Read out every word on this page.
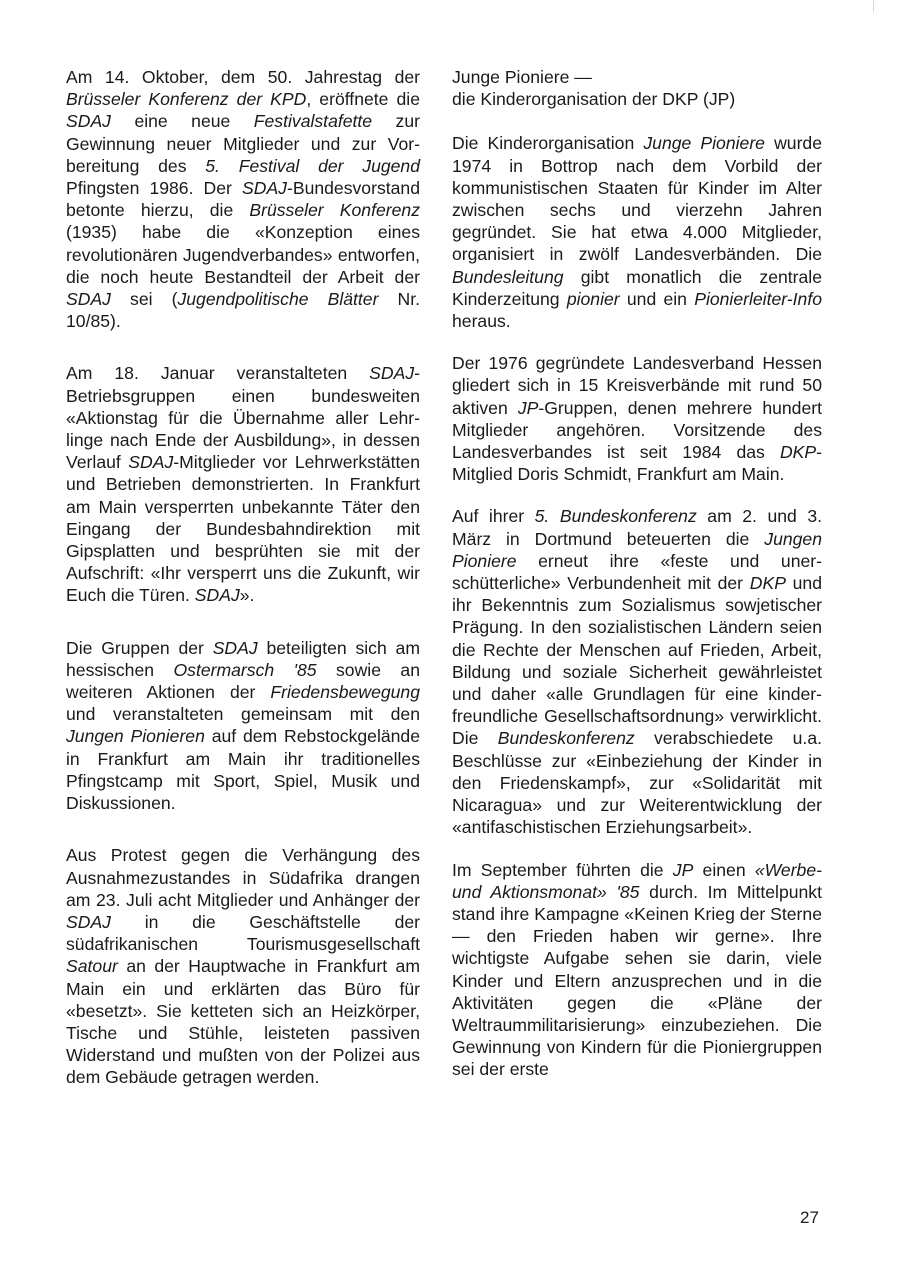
Am 14. Oktober, dem 50. Jahrestag der Brüsseler Konferenz der KPD, eröffnete die SDAJ eine neue Festivalstafette zur Gewinnung neuer Mitglieder und zur Vorbereitung des 5. Festival der Jugend Pfingsten 1986. Der SDAJ-Bundesvorstand betonte hierzu, die Brüsseler Konferenz (1935) habe die «Konzeption eines revolutionären Jugendverbandes» entworfen, die noch heute Bestandteil der Arbeit der SDAJ sei (Jugendpolitische Blätter Nr. 10/85).

Am 18. Januar veranstalteten SDAJ-Betriebsgruppen einen bundesweiten «Aktionstag für die Übernahme aller Lehrlinge nach Ende der Ausbildung», in dessen Verlauf SDAJ-Mitglieder vor Lehrwerkstätten und Betrieben demonstrierten. In Frankfurt am Main versperrten unbekannte Täter den Eingang der Bundesbahndirektion mit Gipsplatten und besprühten sie mit der Aufschrift: «Ihr versperrt uns die Zukunft, wir Euch die Türen. SDAJ».

Die Gruppen der SDAJ beteiligten sich am hessischen Ostermarsch '85 sowie an weiteren Aktionen der Friedensbewegung und veranstalteten gemeinsam mit den Jungen Pionieren auf dem Rebstockgelände in Frankfurt am Main ihr traditionelles Pfingstcamp mit Sport, Spiel, Musik und Diskussionen.

Aus Protest gegen die Verhängung des Ausnahmezustandes in Südafrika drangen am 23. Juli acht Mitglieder und Anhänger der SDAJ in die Geschäftstelle der südafrikanischen Tourismusgesellschaft Satour an der Hauptwache in Frankfurt am Main ein und erklärten das Büro für «besetzt». Sie ketteten sich an Heizkörper, Tische und Stühle, leisteten passiven Widerstand und mußten von der Polizei aus dem Gebäude getragen werden.

Junge Pioniere —

die Kinderorganisation der DKP (JP)

Die Kinderorganisation Junge Pioniere wurde 1974 in Bottrop nach dem Vorbild der kommunistischen Staaten für Kinder im Alter zwischen sechs und vierzehn Jahren gegründet. Sie hat etwa 4.000 Mitglieder, organisiert in zwölf Landesverbänden. Die Bundesleitung gibt monatlich die zentrale Kinderzeitung pionier und ein Pionierleiter-Info heraus.

Der 1976 gegründete Landesverband Hessen gliedert sich in 15 Kreisverbände mit rund 50 aktiven JP-Gruppen, denen mehrere hundert Mitglieder angehören. Vorsitzende des Landesverbandes ist seit 1984 das DKP-Mitglied Doris Schmidt, Frankfurt am Main.

Auf ihrer 5. Bundeskonferenz am 2. und 3. März in Dortmund beteuerten die Jungen Pioniere erneut ihre «feste und unerschütterliche» Verbundenheit mit der DKP und ihr Bekenntnis zum Sozialismus sowjetischer Prägung. In den sozialistischen Ländern seien die Rechte der Menschen auf Frieden, Arbeit, Bildung und soziale Sicherheit gewährleistet und daher «alle Grundlagen für eine kinderfreundliche Gesellschaftsordnung» verwirklicht. Die Bundeskonferenz verabschiedete u.a. Beschlüsse zur «Einbeziehung der Kinder in den Friedenskampf», zur «Solidarität mit Nicaragua» und zur Weiterentwicklung der «antifaschistischen Erziehungsarbeit».

Im September führten die JP einen «Werbe- und Aktionsmonat» '85 durch. Im Mittelpunkt stand ihre Kampagne «Keinen Krieg der Sterne — den Frieden haben wir gerne». Ihre wichtigste Aufgabe sehen sie darin, viele Kinder und Eltern anzusprechen und in die Aktivitäten gegen die «Pläne der Weltraummilitarisierung» einzubeziehen. Die Gewinnung von Kindern für die Pioniergruppen sei der erste

27
